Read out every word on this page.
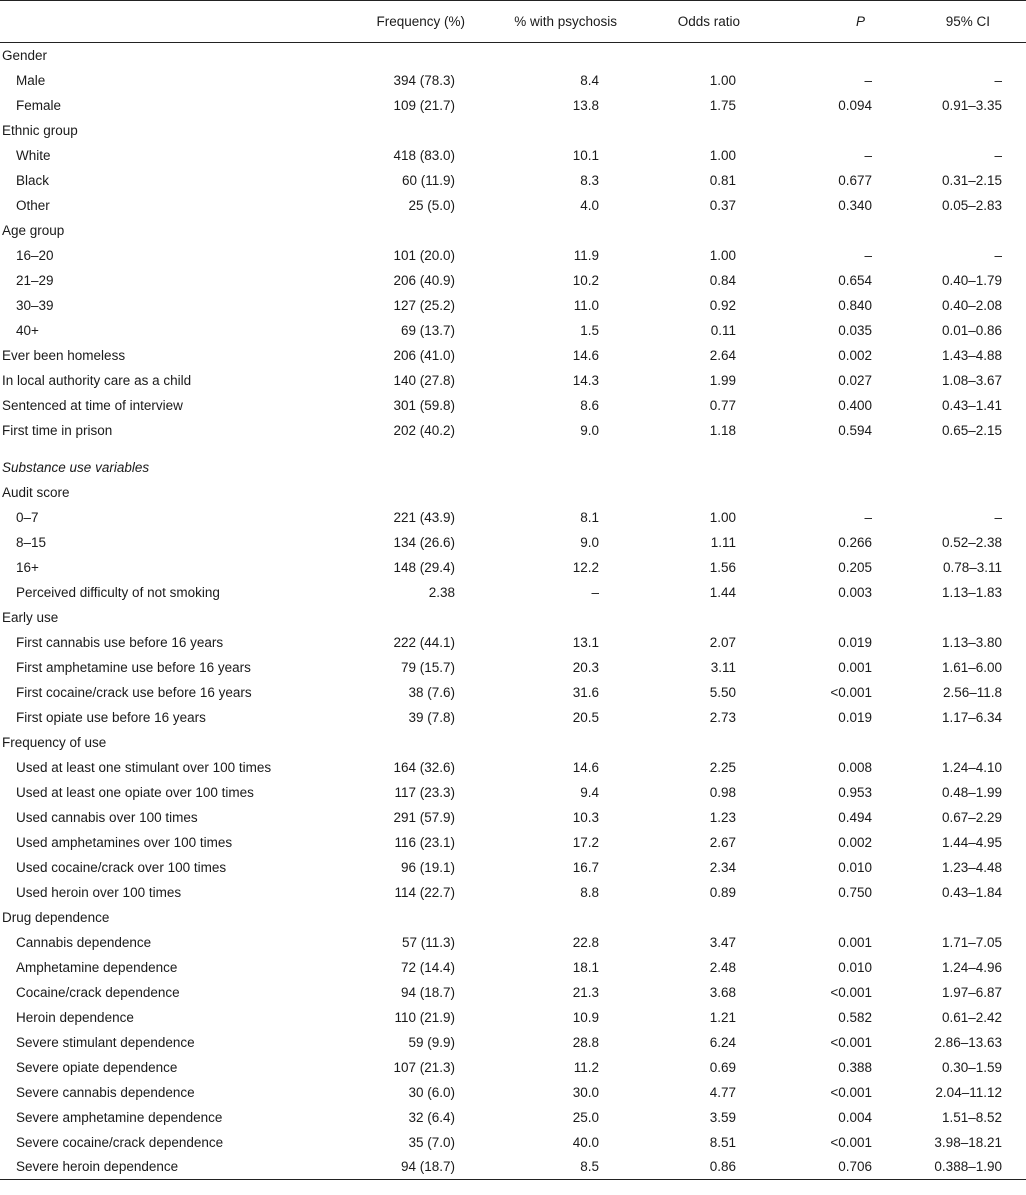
	Frequency (%)	% with psychosis	Odds ratio	P	95% CI
Gender					
Male	394 (78.3)	8.4	1.00	–	–
Female	109 (21.7)	13.8	1.75	0.094	0.91–3.35
Ethnic group					
White	418 (83.0)	10.1	1.00	–	–
Black	60 (11.9)	8.3	0.81	0.677	0.31–2.15
Other	25 (5.0)	4.0	0.37	0.340	0.05–2.83
Age group					
16–20	101 (20.0)	11.9	1.00	–	–
21–29	206 (40.9)	10.2	0.84	0.654	0.40–1.79
30–39	127 (25.2)	11.0	0.92	0.840	0.40–2.08
40+	69 (13.7)	1.5	0.11	0.035	0.01–0.86
Ever been homeless	206 (41.0)	14.6	2.64	0.002	1.43–4.88
In local authority care as a child	140 (27.8)	14.3	1.99	0.027	1.08–3.67
Sentenced at time of interview	301 (59.8)	8.6	0.77	0.400	0.43–1.41
First time in prison	202 (40.2)	9.0	1.18	0.594	0.65–2.15

Substance use variables					
Audit score					
0–7	221 (43.9)	8.1	1.00	–	–
8–15	134 (26.6)	9.0	1.11	0.266	0.52–2.38
16+	148 (29.4)	12.2	1.56	0.205	0.78–3.11
Perceived difficulty of not smoking	2.38	–	1.44	0.003	1.13–1.83
Early use					
First cannabis use before 16 years	222 (44.1)	13.1	2.07	0.019	1.13–3.80
First amphetamine use before 16 years	79 (15.7)	20.3	3.11	0.001	1.61–6.00
First cocaine/crack use before 16 years	38 (7.6)	31.6	5.50	<0.001	2.56–11.8
First opiate use before 16 years	39 (7.8)	20.5	2.73	0.019	1.17–6.34
Frequency of use					
Used at least one stimulant over 100 times	164 (32.6)	14.6	2.25	0.008	1.24–4.10
Used at least one opiate over 100 times	117 (23.3)	9.4	0.98	0.953	0.48–1.99
Used cannabis over 100 times	291 (57.9)	10.3	1.23	0.494	0.67–2.29
Used amphetamines over 100 times	116 (23.1)	17.2	2.67	0.002	1.44–4.95
Used cocaine/crack over 100 times	96 (19.1)	16.7	2.34	0.010	1.23–4.48
Used heroin over 100 times	114 (22.7)	8.8	0.89	0.750	0.43–1.84
Drug dependence					
Cannabis dependence	57 (11.3)	22.8	3.47	0.001	1.71–7.05
Amphetamine dependence	72 (14.4)	18.1	2.48	0.010	1.24–4.96
Cocaine/crack dependence	94 (18.7)	21.3	3.68	<0.001	1.97–6.87
Heroin dependence	110 (21.9)	10.9	1.21	0.582	0.61–2.42
Severe stimulant dependence	59 (9.9)	28.8	6.24	<0.001	2.86–13.63
Severe opiate dependence	107 (21.3)	11.2	0.69	0.388	0.30–1.59
Severe cannabis dependence	30 (6.0)	30.0	4.77	<0.001	2.04–11.12
Severe amphetamine dependence	32 (6.4)	25.0	3.59	0.004	1.51–8.52
Severe cocaine/crack dependence	35 (7.0)	40.0	8.51	<0.001	3.98–18.21
Severe heroin dependence	94 (18.7)	8.5	0.86	0.706	0.388–1.90
